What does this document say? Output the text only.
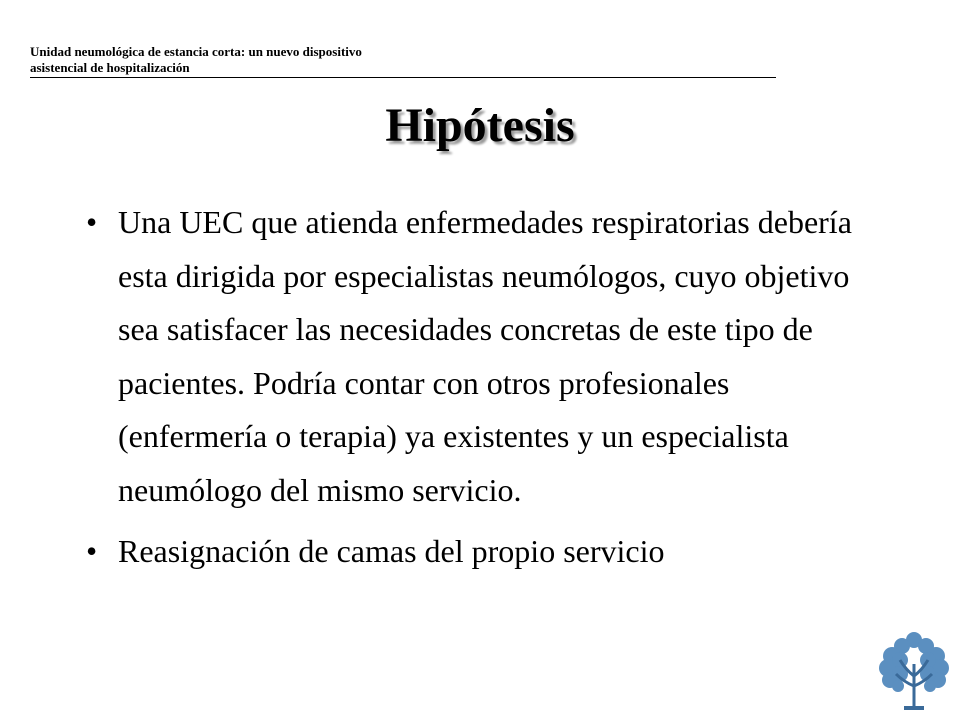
Unidad neumológica de estancia corta: un nuevo dispositivo
asistencial de hospitalización
Hipótesis
• Una UEC que atienda enfermedades respiratorias debería esta dirigida por especialistas neumólogos, cuyo objetivo sea satisfacer las necesidades concretas de este tipo de pacientes. Podría contar con otros profesionales (enfermería o terapia) ya existentes y un especialista neumólogo del mismo servicio.
• Reasignación de camas del propio servicio
